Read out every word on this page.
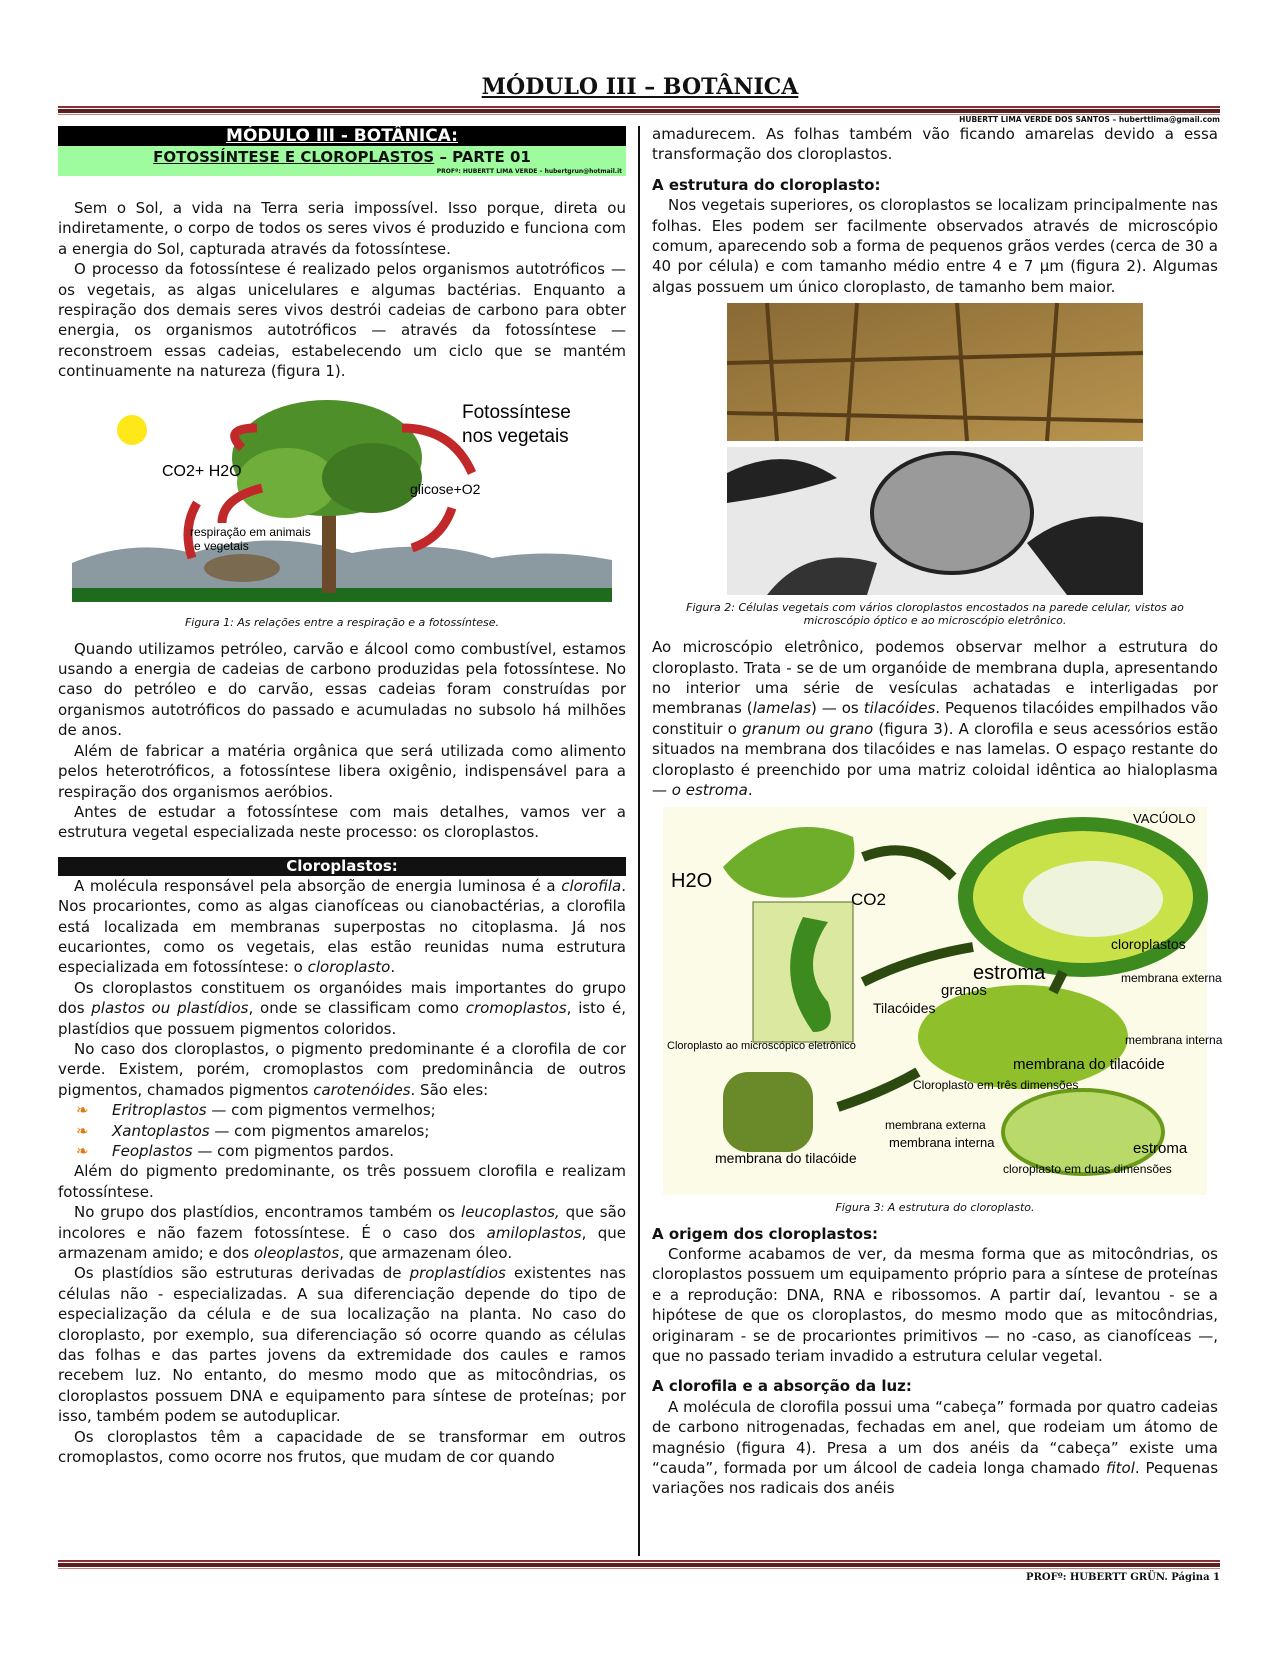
MÓDULO III – BOTÂNICA
HUBERTT LIMA VERDE DOS SANTOS – huberttlima@gmail.com
MÓDULO III - BOTÂNICA:
FOTOSSÍNTESE E CLOROPLASTOS – PARTE 01
PROFº: HUBERTT LIMA VERDE – hubertgrun@hotmail.it

Sem o Sol, a vida na Terra seria impossível. Isso porque, direta ou indiretamente, o corpo de todos os seres vivos é produzido e funciona com a energia do Sol, capturada através da fotossíntese.

O processo da fotossíntese é realizado pelos organismos autotróficos — os vegetais, as algas unicelulares e algumas bactérias. Enquanto a respiração dos demais seres vivos destrói cadeias de carbono para obter energia, os organismos autotróficos — através da fotossíntese — reconstroem essas cadeias, estabelecendo um ciclo que se mantém continuamente na natureza (figura 1).

Fotossíntese
nos vegetais
CO2+ H2O
glicose+O2
respiração em animais
e vegetais
Figura 1: As relações entre a respiração e a fotossíntese.

Quando utilizamos petróleo, carvão e álcool como combustível, estamos usando a energia de cadeias de carbono produzidas pela fotossíntese. No caso do petróleo e do carvão, essas cadeias foram construídas por organismos autotróficos do passado e acumuladas no subsolo há milhões de anos.

Além de fabricar a matéria orgânica que será utilizada como alimento pelos heterotróficos, a fotossíntese libera oxigênio, indispensável para a respiração dos organismos aeróbios.

Antes de estudar a fotossíntese com mais detalhes, vamos ver a estrutura vegetal especializada neste processo: os cloroplastos.

Cloroplastos:

A molécula responsável pela absorção de energia luminosa é a clorofila. Nos procariontes, como as algas cianofíceas ou cianobactérias, a clorofila está localizada em membranas superpostas no citoplasma. Já nos eucariontes, como os vegetais, elas estão reunidas numa estrutura especializada em fotossíntese: o cloroplasto.

Os cloroplastos constituem os organóides mais importantes do grupo dos plastos ou plastídios, onde se classificam como cromoplastos, isto é, plastídios que possuem pigmentos coloridos.

No caso dos cloroplastos, o pigmento predominante é a clorofila de cor verde. Existem, porém, cromoplastos com predominância de outros pigmentos, chamados pigmentos carotenóides. São eles:

❧ Eritroplastos — com pigmentos vermelhos;

❧ Xantoplastos — com pigmentos amarelos;

❧ Feoplastos — com pigmentos pardos.

Além do pigmento predominante, os três possuem clorofila e realizam fotossíntese.

No grupo dos plastídios, encontramos também os leucoplastos, que são incolores e não fazem fotossíntese. É o caso dos amiloplastos, que armazenam amido; e dos oleoplastos, que armazenam óleo.

Os plastídios são estruturas derivadas de proplastídios existentes nas células não - especializadas. A sua diferenciação depende do tipo de especialização da célula e de sua localização na planta. No caso do cloroplasto, por exemplo, sua diferenciação só ocorre quando as células das folhas e das partes jovens da extremidade dos caules e ramos recebem luz. No entanto, do mesmo modo que as mitocôndrias, os cloroplastos possuem DNA e equipamento para síntese de proteínas; por isso, também podem se autoduplicar.

Os cloroplastos têm a capacidade de se transformar em outros cromoplastos, como ocorre nos frutos, que mudam de cor quando

amadurecem. As folhas também vão ficando amarelas devido a essa transformação dos cloroplastos.

A estrutura do cloroplasto:

Nos vegetais superiores, os cloroplastos se localizam principalmente nas folhas. Eles podem ser facilmente observados através de microscópio comum, aparecendo sob a forma de pequenos grãos verdes (cerca de 30 a 40 por célula) e com tamanho médio entre 4 e 7 µm (figura 2). Algumas algas possuem um único cloroplasto, de tamanho bem maior.

Figura 2: Células vegetais com vários cloroplastos encostados na parede celular, vistos ao microscópio óptico e ao microscópio eletrônico.

Ao microscópio eletrônico, podemos observar melhor a estrutura do cloroplasto. Trata - se de um organóide de membrana dupla, apresentando no interior uma série de vesículas achatadas e interligadas por membranas (lamelas) — os tilacóides. Pequenos tilacóides empilhados vão constituir o granum ou grano (figura 3). A clorofila e seus acessórios estão situados na membrana dos tilacóides e nas lamelas. O espaço restante do cloroplasto é preenchido por uma matriz coloidal idêntica ao hialoplasma — o estroma.

VACÚOLO
H2O
CO2
cloroplastos
estroma
granos
Tilacóides
membrana externa
membrana interna
membrana do tilacóide
Cloroplasto ao microscópico eletrônico
Cloroplasto em três dimensões
membrana externa
membrana interna	estroma
membrana do tilacóide
cloroplasto em duas dimensões
Figura 3: A estrutura do cloroplasto.
A origem dos cloroplastos:

Conforme acabamos de ver, da mesma forma que as mitocôndrias, os cloroplastos possuem um equipamento próprio para a síntese de proteínas e a reprodução: DNA, RNA e ribossomos. A partir daí, levantou - se a hipótese de que os cloroplastos, do mesmo modo que as mitocôndrias, originaram - se de procariontes primitivos — no -caso, as cianofíceas —, que no passado teriam invadido a estrutura celular vegetal.

A clorofila e a absorção da luz:

A molécula de clorofila possui uma “cabeça” formada por quatro cadeias de carbono nitrogenadas, fechadas em anel, que rodeiam um átomo de magnésio (figura 4). Presa a um dos anéis da “cabeça” existe uma “cauda”, formada por um álcool de cadeia longa chamado fitol. Pequenas variações nos radicais dos anéis

PROFº: HUBERTT GRÜN. Página 1
